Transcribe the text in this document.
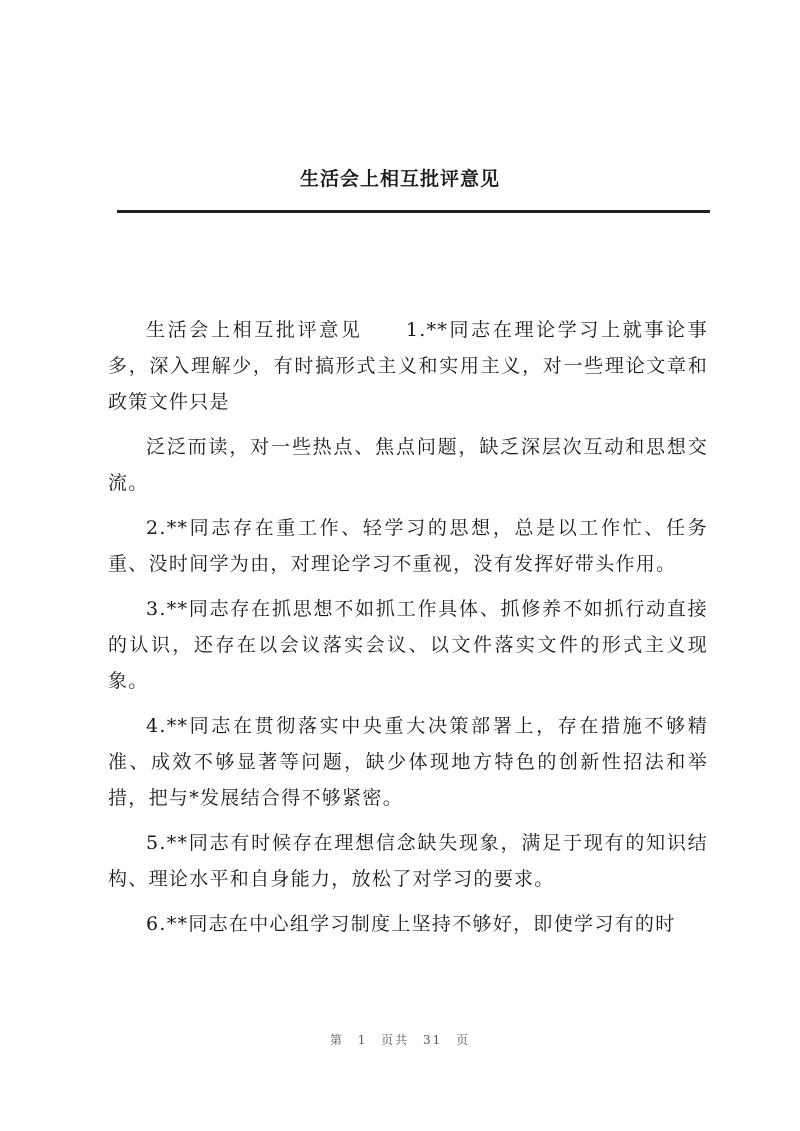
生活会上相互批评意见

生活会上相互批评意见　　1.**同志在理论学习上就事论事多，深入理解少，有时搞形式主义和实用主义，对一些理论文章和政策文件只是

泛泛而读，对一些热点、焦点问题，缺乏深层次互动和思想交流。

2.**同志存在重工作、轻学习的思想，总是以工作忙、任务重、没时间学为由，对理论学习不重视，没有发挥好带头作用。

3.**同志存在抓思想不如抓工作具体、抓修养不如抓行动直接的认识，还存在以会议落实会议、以文件落实文件的形式主义现象。

4.**同志在贯彻落实中央重大决策部署上，存在措施不够精准、成效不够显著等问题，缺少体现地方特色的创新性招法和举措，把与*发展结合得不够紧密。

5.**同志有时候存在理想信念缺失现象，满足于现有的知识结构、理论水平和自身能力，放松了对学习的要求。

6.**同志在中心组学习制度上坚持不够好，即使学习有的时

第 1 页共 31 页
